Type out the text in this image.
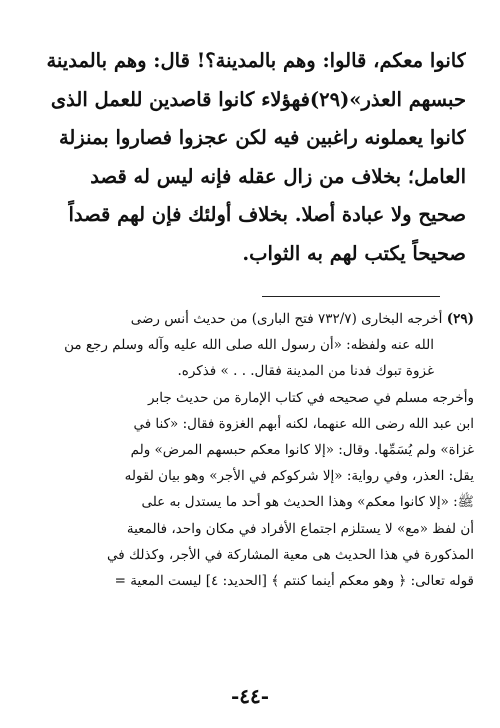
كانوا معكم، قالوا: وهم بالمدينة؟! قال: وهم بالمدينة
حبسهم العذر»(٢٩)فهؤلاء كانوا قاصدين للعمل الذى
كانوا يعملونه راغبين فيه لكن عجزوا فصاروا بمنزلة
العامل؛ بخلاف من زال عقله فإنه ليس له قصد
صحيح ولا عبادة أصلا. بخلاف أولئك فإن لهم قصداً
صحيحاً يكتب لهم به الثواب.
(٢٩) أخرجه البخارى (٧٣٢/٧ فتح البارى) من حديث أنس رضى
الله عنه ولفظه: «أن رسول الله صلى الله عليه وآله وسلم رجع من
غزوة تبوك فدنا من المدينة فقال. . . » فذكره.
وأخرجه مسلم في صحيحه في كتاب الإمارة من حديث جابر
ابن عبد الله رضى الله عنهما، لكنه أبهم الغزوة فقال: «كنا في
غزاة» ولم يُسَمِّها. وقال: «إلا كانوا معكم حبسهم المرض» ولم
يقل: العذر، وفي رواية: «إلا شركوكم في الأجر» وهو بيان لقوله
ﷺ: «إلا كانوا معكم» وهذا الحديث هو أحد ما يستدل به على
أن لفظ «مع» لا يستلزم اجتماع الأفراد في مكان واحد، فالمعية
المذكورة في هذا الحديث هى معية المشاركة في الأجر، وكذلك في
قوله تعالى: ﴿ وهو معكم أينما كنتم ﴾ [الحديد: ٤] ليست المعية =
-٤٤-
